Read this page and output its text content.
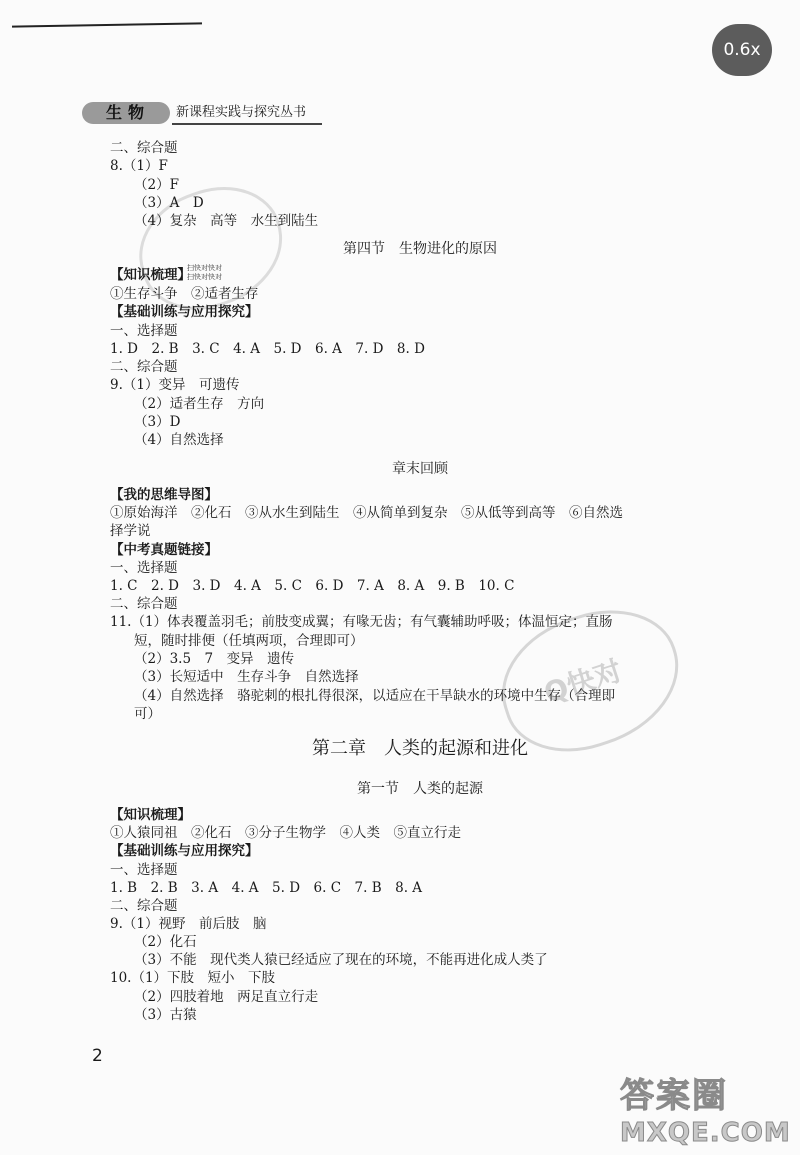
0.6x
生物 新课程实践与探究丛书
Q快对
二、综合题
8.（1）F
（2）F
（3）A　D
（4）复杂　高等　水生到陆生
第四节　生物进化的原因
【知识梳理】
扫快对快对
扫快对快对
①生存斗争　②适者生存
【基础训练与应用探究】
一、选择题
1. D　2. B　3. C　4. A　5. D　6. A　7. D　8. D
二、综合题
9.（1）变异　可遗传
（2）适者生存　方向
（3）D
（4）自然选择
章末回顾
【我的思维导图】
①原始海洋　②化石　③从水生到陆生　④从简单到复杂　⑤从低等到高等　⑥自然选
择学说
【中考真题链接】
一、选择题
1. C　2. D　3. D　4. A　5. C　6. D　7. A　8. A　9. B　10. C
二、综合题
11.（1）体表覆盖羽毛；前肢变成翼；有喙无齿；有气囊辅助呼吸；体温恒定；直肠
短，随时排便（任填两项，合理即可）
（2）3.5　7　变异　遗传
（3）长短适中　生存斗争　自然选择
（4）自然选择　骆驼刺的根扎得很深，以适应在干旱缺水的环境中生存（合理即
可）
第二章　人类的起源和进化
第一节　人类的起源
【知识梳理】
①人猿同祖　②化石　③分子生物学　④人类　⑤直立行走
【基础训练与应用探究】
一、选择题
1. B　2. B　3. A　4. A　5. D　6. C　7. B　8. A
二、综合题
9.（1）视野　前后肢　脑
（2）化石
（3）不能　现代类人猿已经适应了现在的环境，不能再进化成人类了
10.（1）下肢　短小　下肢
（2）四肢着地　两足直立行走
（3）古猿
2
答案圈
MXQE.COM
